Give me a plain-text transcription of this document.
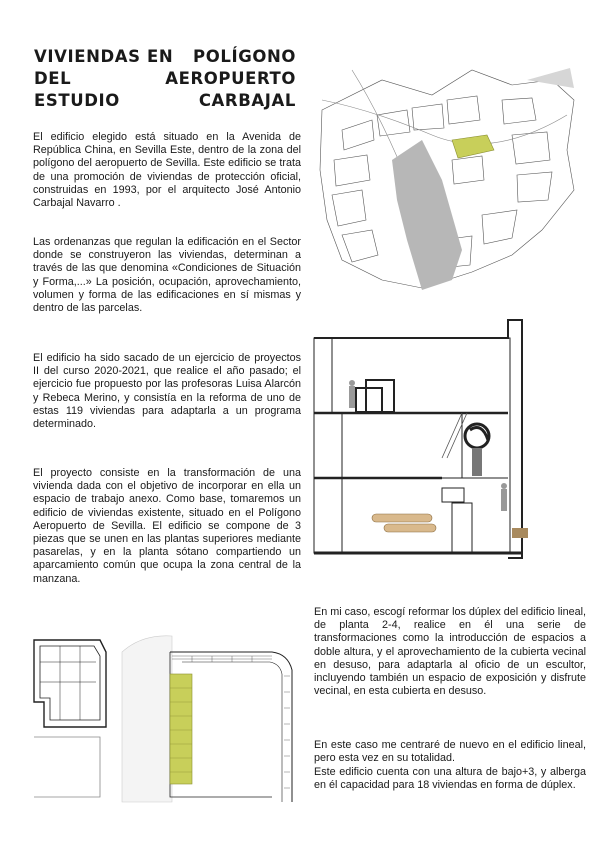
VIVIENDAS EN POLÍGONO
DEL	AEROPUERTO
ESTUDIO	CARBAJAL

El edificio elegido está situado en la Avenida de República China, en Sevilla Este, dentro de la zona del polígono del aeropuerto de Sevilla. Este edificio se trata de una promoción de viviendas de protección oficial, construidas en 1993, por el arquitecto José Antonio Carbajal Navarro .

Las ordenanzas que regulan la edificación en el Sector donde se construyeron las viviendas, determinan a través de las que denomina «Condiciones de Situación y Forma,...» La posición, ocupación, aprovechamiento, volumen y forma de las edificaciones en sí mismas y dentro de las parcelas.

El edificio ha sido sacado de un ejercicio de proyectos II del curso 2020-2021, que realice el año pasado; el ejercicio fue propuesto por las profesoras Luisa Alarcón y Rebeca Merino, y consistía en la reforma de uno de estas 119 viviendas para adaptarla a un programa determinado.

El proyecto consiste en la transformación de una vivienda dada con el objetivo de incorporar en ella un espacio de trabajo anexo. Como base, tomaremos un edificio de viviendas existente, situado en el Polígono Aeropuerto de Sevilla. El edificio se compone de 3 piezas que se unen en las plantas superiores mediante pasarelas, y en la planta sótano compartiendo un aparcamiento común que ocupa la zona central de la manzana.

En mi caso, escogí reformar los dúplex del edificio lineal, de planta 2-4, realice en él una serie de transformaciones como la introducción de espacios a doble altura, y el aprovechamiento de la cubierta vecinal en desuso, para adaptarla al oficio de un escultor, incluyendo también un espacio de exposición y disfrute vecinal, en esta cubierta en desuso.

En este caso me centraré de nuevo en el edificio lineal, pero esta vez en su totalidad.

Este edificio cuenta con una altura de bajo+3, y alberga en él capacidad para 18 viviendas en forma de dúplex.
